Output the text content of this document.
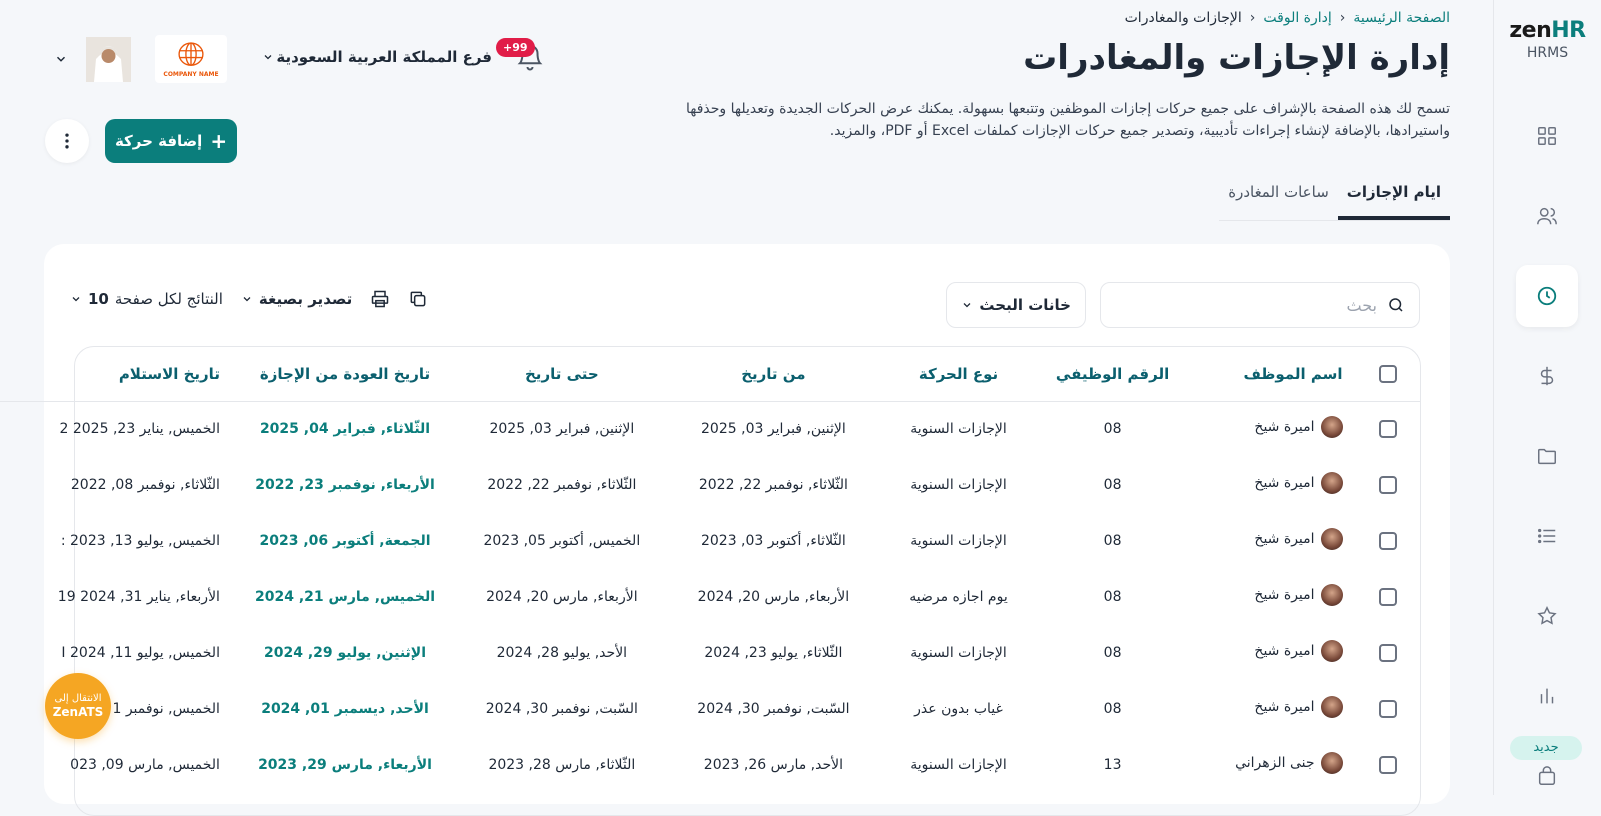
zenHR
HRMS
جديد
الصفحة الرئيسية
‹
إدارة الوقت
‹
الإجازات والمغادرات
إدارة الإجازات والمغادرات

تسمح لك هذه الصفحة بالإشراف على جميع حركات إجازات الموظفين وتتبعها بسهولة. يمكنك عرض الحركات الجديدة وتعديلها وحذفها واستيرادها، بالإضافة لإنشاء إجراءات تأديبية، وتصدير جميع حركات الإجازات كملفات Excel أو PDF، والمزيد.

+99
فرع المملكة العربية السعودية
COMPANY NAME
+
إضافة حركة
ايام الإجازات
ساعات المغادرة
بحث
خانات البحث
تصدير بصيغة
النتائج لكل صفحة
10
	اسم الموظف	الرقم الوظيفي	نوع الحركة	من تاريخ	حتى تاريخ	تاريخ العودة من الإجازة	تاريخ الاستلام

	اميرة شيخ	08	الإجازات السنوية	الإثنين, فبراير 03, 2025	الإثنين, فبراير 03, 2025	الثّلاثاء, فبراير 04, 2025	الخميس, يناير 23, 2025 2

	اميرة شيخ	08	الإجازات السنوية	الثّلاثاء, نوفمبر 22, 2022	الثّلاثاء, نوفمبر 22, 2022	الأربعاء, نوفمبر 23, 2022	الثّلاثاء, نوفمبر 08, 2022

	اميرة شيخ	08	الإجازات السنوية	الثّلاثاء, أكتوبر 03, 2023	الخميس, أكتوبر 05, 2023	الجمعة, أكتوبر 06, 2023	الخميس, يوليو 13, 2023 :

	اميرة شيخ	08	يوم اجازه مرضيه	الأربعاء, مارس 20, 2024	الأربعاء, مارس 20, 2024	الخميس, مارس 21, 2024	الأربعاء, يناير 31, 2024 19

	اميرة شيخ	08	الإجازات السنوية	الثّلاثاء, يوليو 23, 2024	الأحد, يوليو 28, 2024	الإثنين, يوليو 29, 2024	الخميس, يوليو 11, 2024 I

	اميرة شيخ	08	غياب بدون عذر	السّبت, نوفمبر 30, 2024	السّبت, نوفمبر 30, 2024	الأحد, ديسمبر 01, 2024	الخميس, نوفمبر 1

	جنى الزهراني	13	الإجازات السنوية	الأحد, مارس 26, 2023	الثّلاثاء, مارس 28, 2023	الأربعاء, مارس 29, 2023	الخميس, مارس 09, 023
الانتقال إلى
ZenATS
